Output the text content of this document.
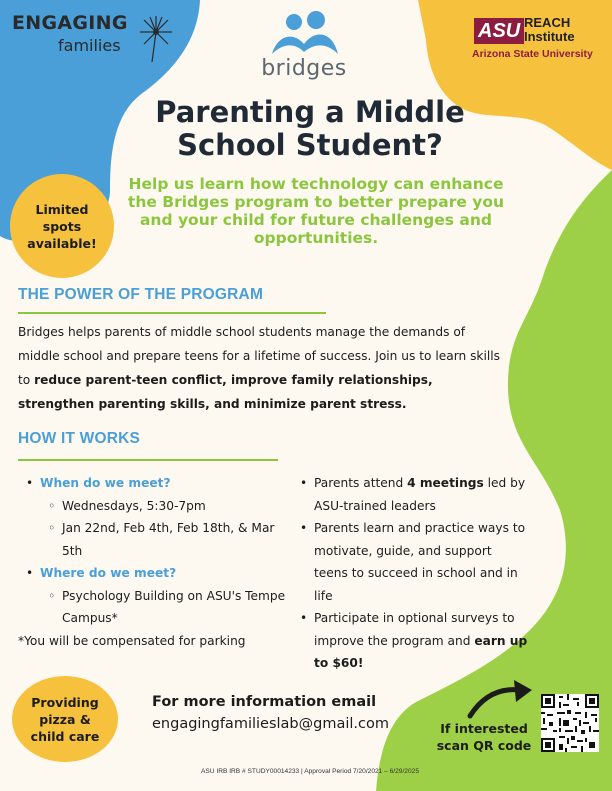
ENGAGING
families
bridges
ASU REACH
Institute
Arizona State University
Parenting a Middle
School Student?
Help us learn how technology can enhance the Bridges program to better prepare you and your child for future challenges and opportunities.
Limited
spots
available!
THE POWER OF THE PROGRAM
Bridges helps parents of middle school students manage the demands of middle school and prepare teens for a lifetime of success. Join us to learn skills to reduce parent-teen conflict, improve family relationships, strengthen parenting skills, and minimize parent stress.
HOW IT WORKS
• When do we meet?
◦ Wednesdays, 5:30-7pm
◦ Jan 22nd, Feb 4th, Feb 18th, & Mar 5th
• Where do we meet?
◦ Psychology Building on ASU's Tempe Campus*
*You will be compensated for parking
• Parents attend 4 meetings led by ASU-trained leaders
• Parents learn and practice ways to motivate, guide, and support teens to succeed in school and in life
• Participate in optional surveys to improve the program and earn up to $60!
Providing
pizza &
child care
For more information email
engagingfamilieslab@gmail.com	If interested
scan QR code
ASU IRB IRB # STUDY00014233 | Approval Period 7/20/2021 – 6/29/2025
